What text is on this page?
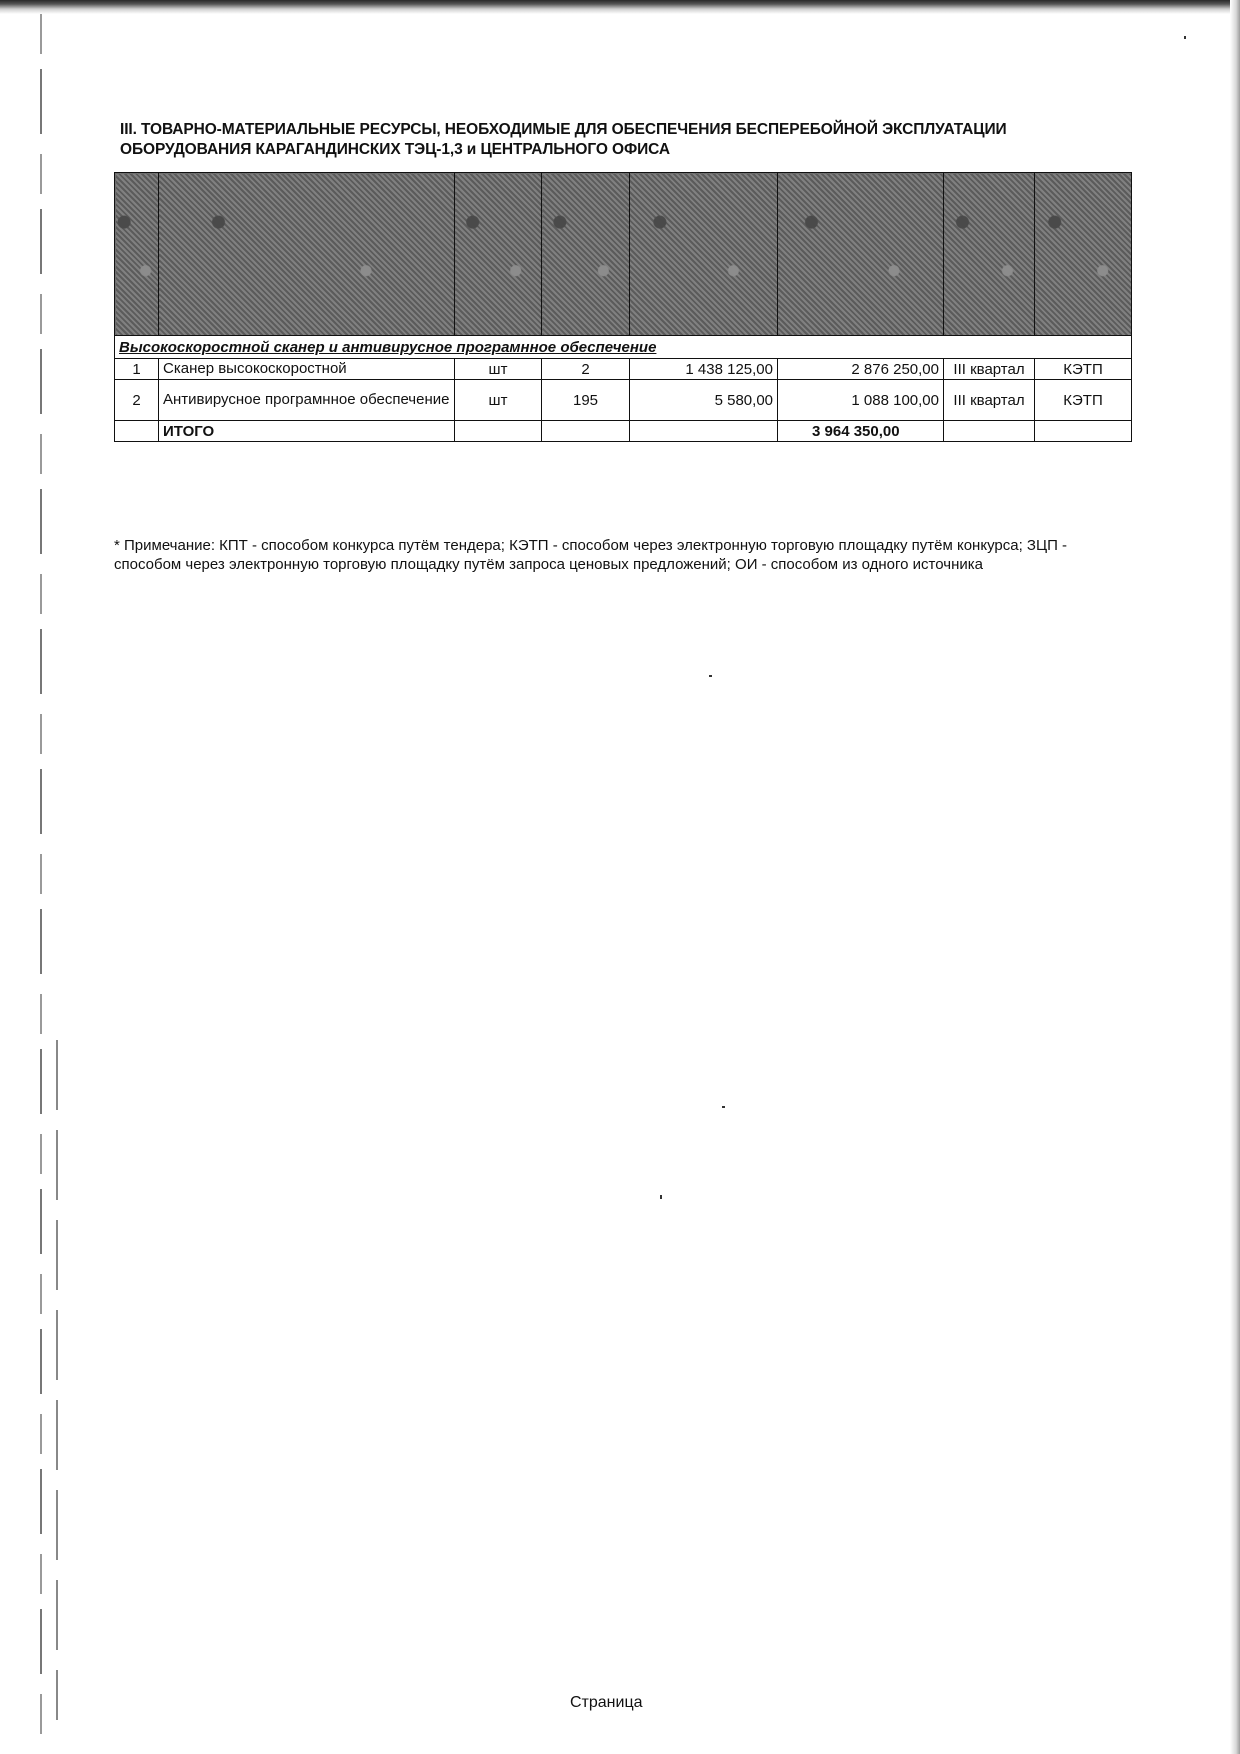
III. ТОВАРНО-МАТЕРИАЛЬНЫЕ РЕСУРСЫ, НЕОБХОДИМЫЕ ДЛЯ ОБЕСПЕЧЕНИЯ БЕСПЕРЕБОЙНОЙ ЭКСПЛУАТАЦИИ
ОБОРУДОВАНИЯ КАРАГАНДИНСКИХ ТЭЦ-1,3 и ЦЕНТРАЛЬНОГО ОФИСА

Высокоскоростной сканер и антивирусное програмнное обеспечение							
1	Сканер высокоскоростной	шт	2	1 438 125,00	2 876 250,00	III квартал	КЭТП
2	Антивирусное програмнное обеспечение	шт	195	5 580,00	1 088 100,00	III квартал	КЭТП
	ИТОГО				3 964 350,00		
* Примечание: КПТ - способом конкурса путём тендера; КЭТП - способом через электронную торговую площадку путём конкурса; ЗЦП - способом через электронную торговую площадку путём запроса ценовых предложений; ОИ - способом из одного источника
Страница
